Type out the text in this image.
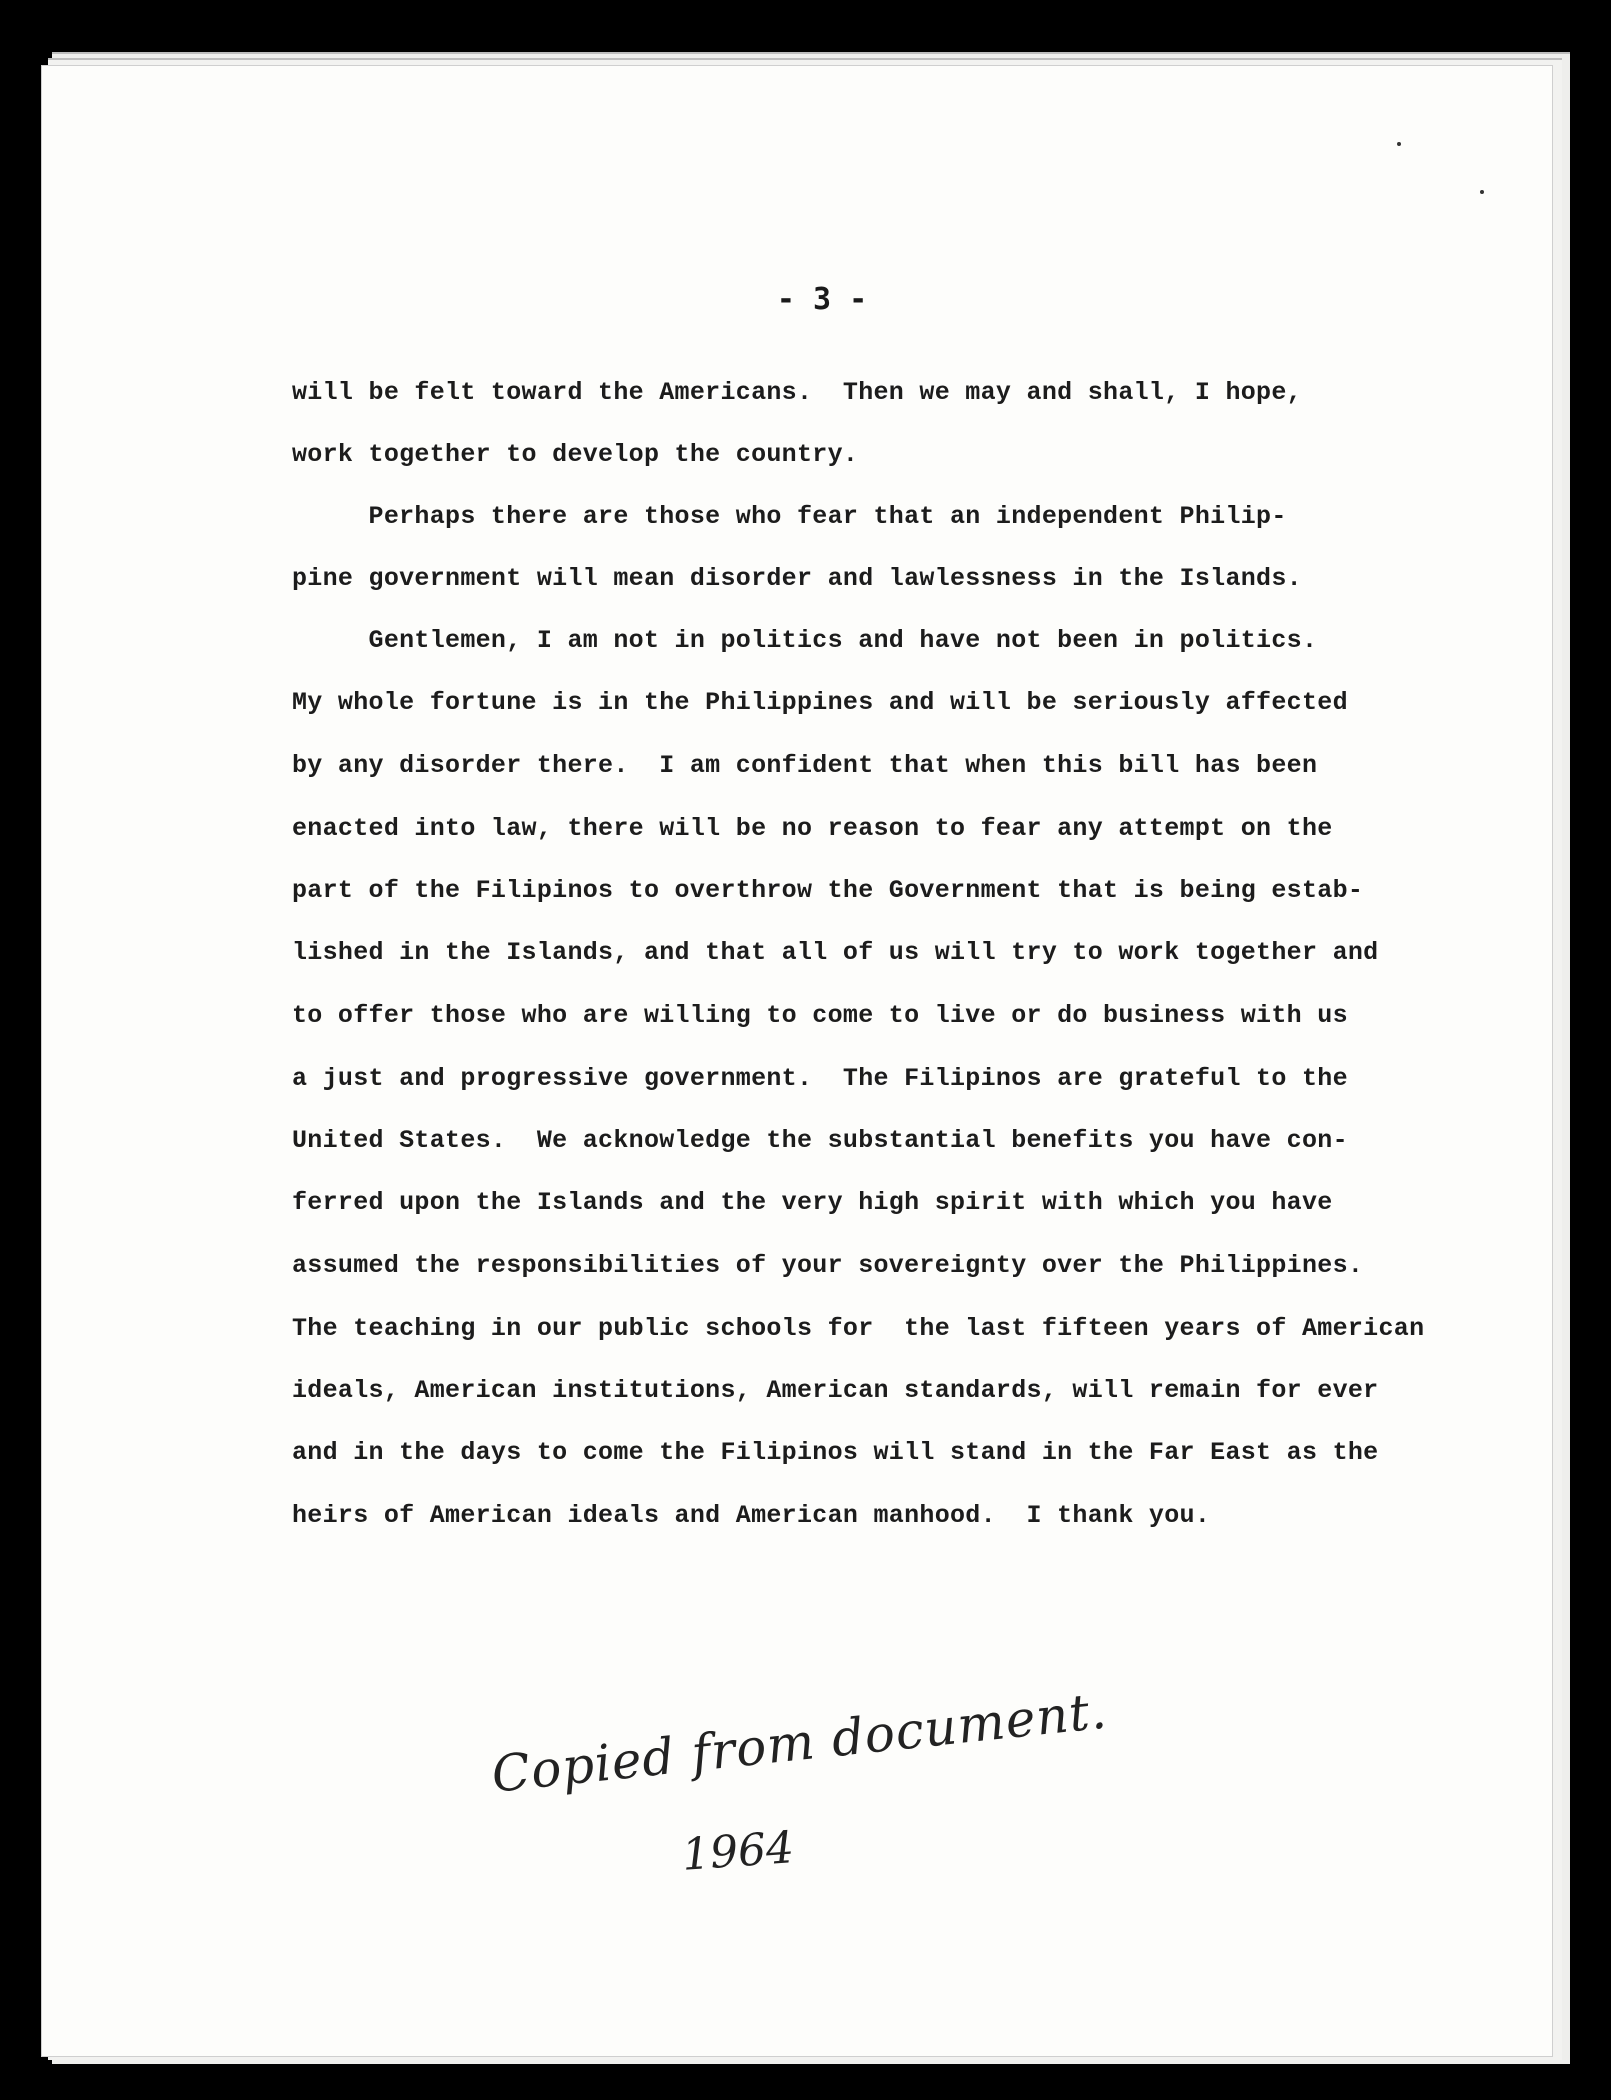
- 3 -
will be felt toward the Americans.  Then we may and shall, I hope,
work together to develop the country.
Perhaps there are those who fear that an independent Philip-
pine government will mean disorder and lawlessness in the Islands.
Gentlemen, I am not in politics and have not been in politics.
My whole fortune is in the Philippines and will be seriously affected
by any disorder there.  I am confident that when this bill has been
enacted into law, there will be no reason to fear any attempt on the
part of the Filipinos to overthrow the Government that is being estab-
lished in the Islands, and that all of us will try to work together and
to offer those who are willing to come to live or do business with us
a just and progressive government.  The Filipinos are grateful to the
United States.  We acknowledge the substantial benefits you have con-
ferred upon the Islands and the very high spirit with which you have
assumed the responsibilities of your sovereignty over the Philippines.
The teaching in our public schools for  the last fifteen years of American
ideals, American institutions, American standards, will remain for ever
and in the days to come the Filipinos will stand in the Far East as the
heirs of American ideals and American manhood.  I thank you.
Copied from document.
1964
